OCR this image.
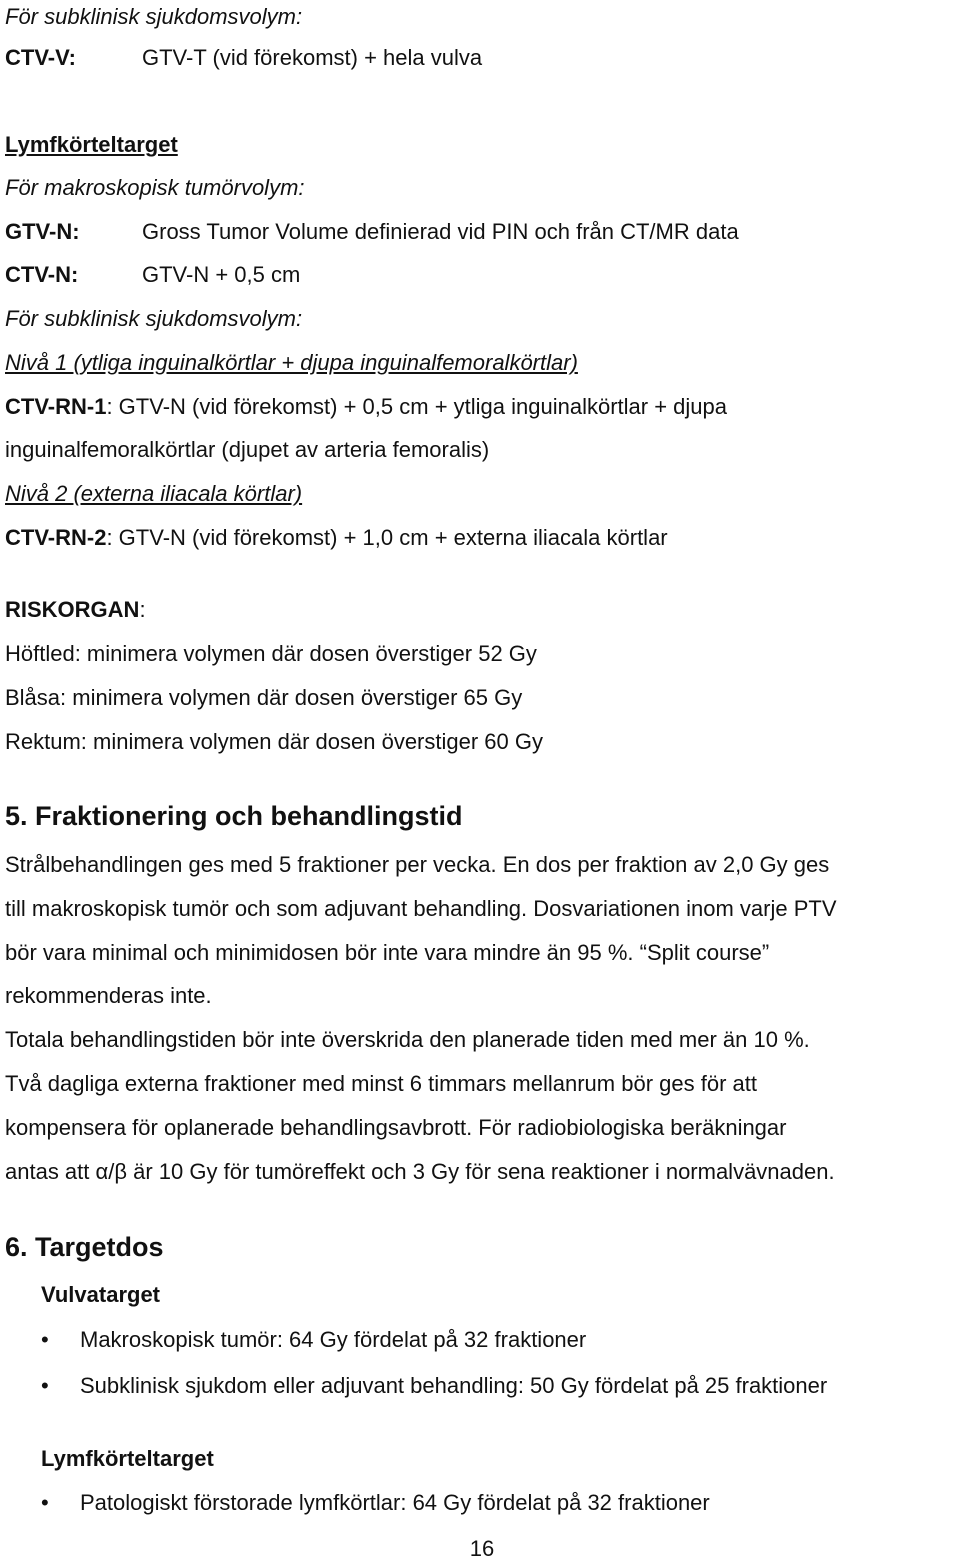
För subklinisk sjukdomsvolym:
CTV-V:	GTV-T (vid förekomst) + hela vulva
Lymfkörteltarget
För makroskopisk tumörvolym:
GTV-N:	Gross Tumor Volume definierad vid PIN och från CT/MR data
CTV-N:	GTV-N + 0,5 cm
För subklinisk sjukdomsvolym:
Nivå 1 (ytliga inguinalkörtlar + djupa inguinalfemoralkörtlar)
CTV-RN-1: GTV-N (vid förekomst) + 0,5 cm + ytliga inguinalkörtlar + djupa
inguinalfemoralkörtlar (djupet av arteria femoralis)
Nivå 2 (externa iliacala körtlar)
CTV-RN-2: GTV-N (vid förekomst) + 1,0 cm + externa iliacala körtlar
RISKORGAN:
Höftled: minimera volymen där dosen överstiger 52 Gy
Blåsa: minimera volymen där dosen överstiger 65 Gy
Rektum: minimera volymen där dosen överstiger 60 Gy
5. Fraktionering och behandlingstid
Strålbehandlingen ges med 5 fraktioner per vecka. En dos per fraktion av 2,0 Gy ges
till makroskopisk tumör och som adjuvant behandling. Dosvariationen inom varje PTV
bör vara minimal och minimidosen bör inte vara mindre än 95 %. “Split course”
rekommenderas inte.
Totala behandlingstiden bör inte överskrida den planerade tiden med mer än 10 %.
Två dagliga externa fraktioner med minst 6 timmars mellanrum bör ges för att
kompensera för oplanerade behandlingsavbrott. För radiobiologiska beräkningar
antas att α/β är 10 Gy för tumöreffekt och 3 Gy för sena reaktioner i normalvävnaden.
6. Targetdos
Vulvatarget
• Makroskopisk tumör: 64 Gy fördelat på 32 fraktioner
• Subklinisk sjukdom eller adjuvant behandling: 50 Gy fördelat på 25 fraktioner
Lymfkörteltarget
• Patologiskt förstorade lymfkörtlar: 64 Gy fördelat på 32 fraktioner
16
